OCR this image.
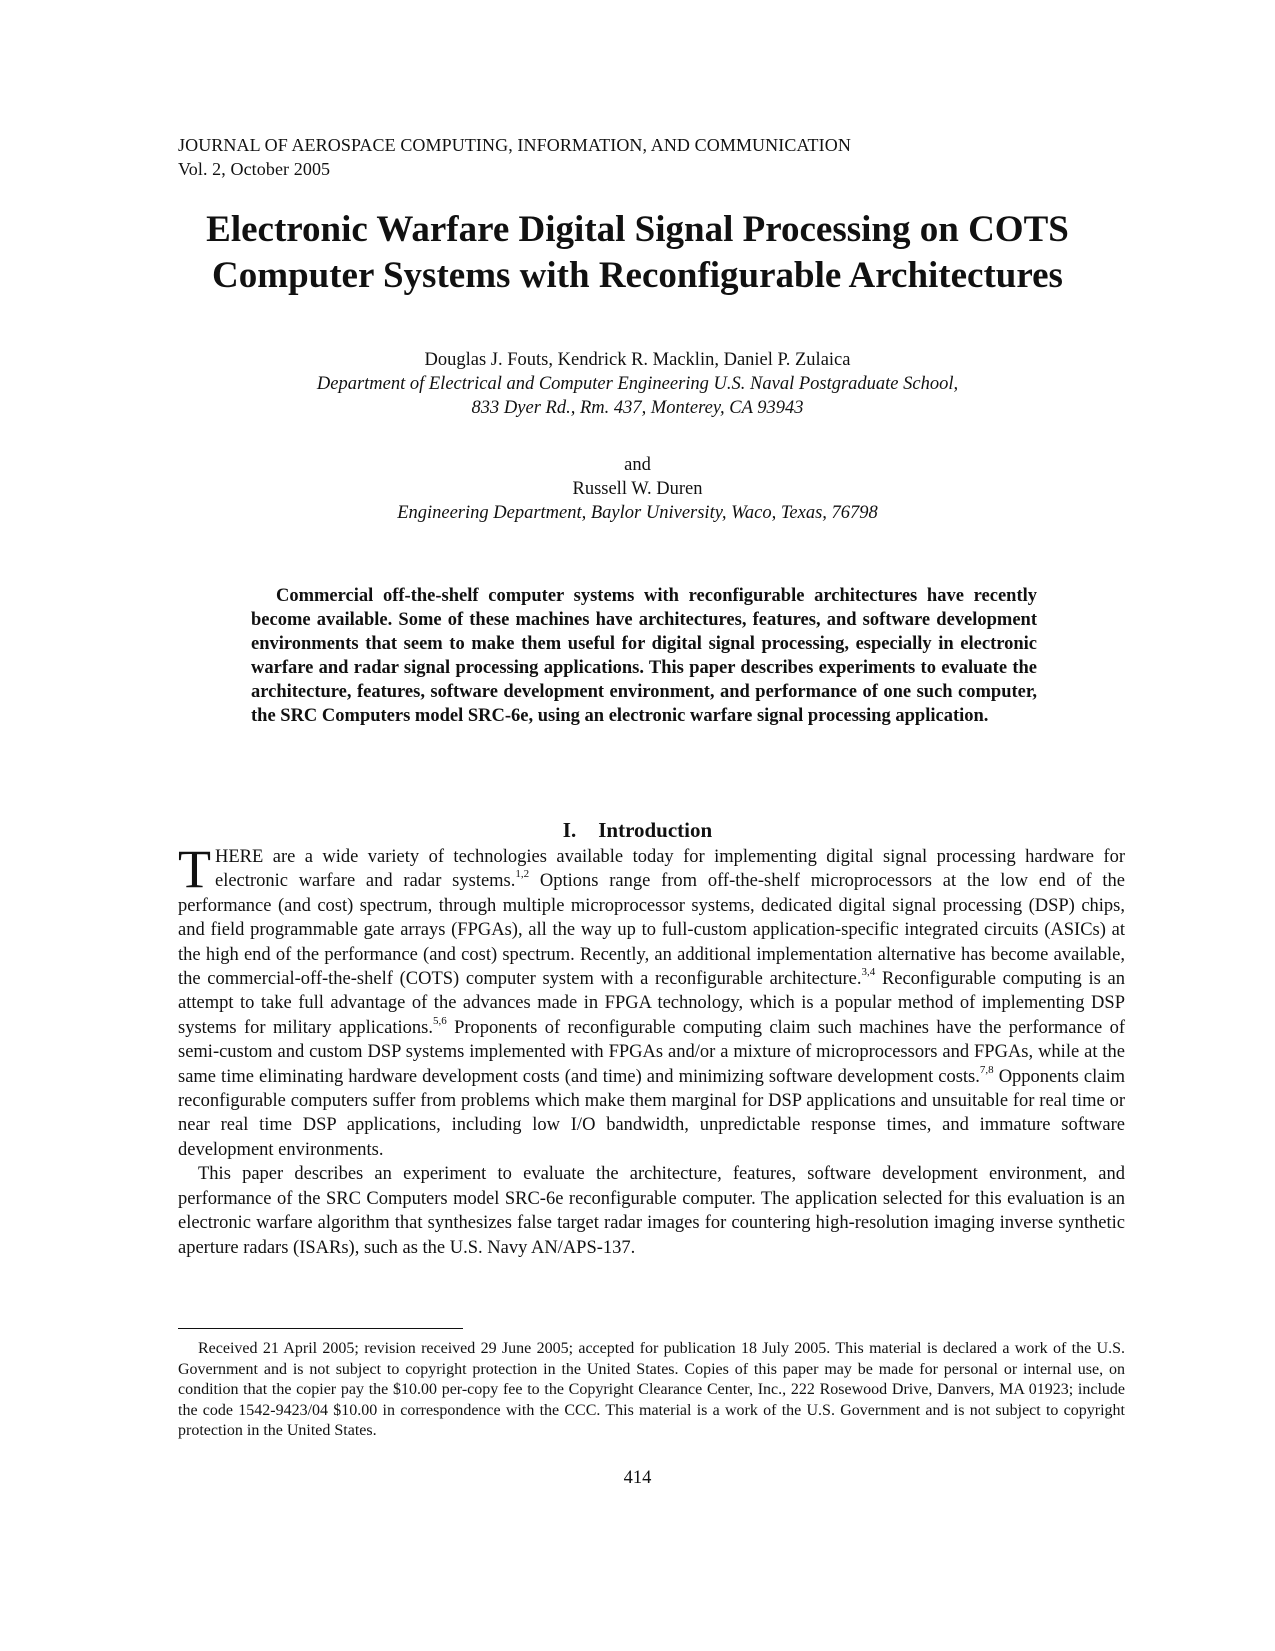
JOURNAL OF AEROSPACE COMPUTING, INFORMATION, AND COMMUNICATION
Vol. 2, October 2005
Electronic Warfare Digital Signal Processing on COTS
Computer Systems with Reconfigurable Architectures
Douglas J. Fouts, Kendrick R. Macklin, Daniel P. Zulaica
Department of Electrical and Computer Engineering U.S. Naval Postgraduate School,
833 Dyer Rd., Rm. 437, Monterey, CA 93943
and
Russell W. Duren
Engineering Department, Baylor University, Waco, Texas, 76798
Commercial off-the-shelf computer systems with reconfigurable architectures have recently become available. Some of these machines have architectures, features, and software development environments that seem to make them useful for digital signal processing, especially in electronic warfare and radar signal processing applications. This paper describes experiments to evaluate the architecture, features, software development environment, and performance of one such computer, the SRC Computers model SRC-6e, using an electronic warfare signal processing application.
I. Introduction

THERE are a wide variety of technologies available today for implementing digital signal processing hardware for electronic warfare and radar systems.$^{1,2}$ Options range from off-the-shelf microprocessors at the low end of the performance (and cost) spectrum, through multiple microprocessor systems, dedicated digital signal processing (DSP) chips, and field programmable gate arrays (FPGAs), all the way up to full-custom application-specific integrated circuits (ASICs) at the high end of the performance (and cost) spectrum. Recently, an additional implementation alternative has become available, the commercial-off-the-shelf (COTS) computer system with a reconfigurable architecture.$^{3,4}$ Reconfigurable computing is an attempt to take full advantage of the advances made in FPGA technology, which is a popular method of implementing DSP systems for military applications.$^{5,6}$ Proponents of reconfigurable computing claim such machines have the performance of semi-custom and custom DSP systems implemented with FPGAs and/or a mixture of microprocessors and FPGAs, while at the same time eliminating hardware development costs (and time) and minimizing software development costs.$^{7,8}$ Opponents claim reconfigurable computers suffer from problems which make them marginal for DSP applications and unsuitable for real time or near real time DSP applications, including low I/O bandwidth, unpredictable response times, and immature software development environments.

This paper describes an experiment to evaluate the architecture, features, software development environment, and performance of the SRC Computers model SRC-6e reconfigurable computer. The application selected for this evaluation is an electronic warfare algorithm that synthesizes false target radar images for countering high-resolution imaging inverse synthetic aperture radars (ISARs), such as the U.S. Navy AN/APS-137.

Received 21 April 2005; revision received 29 June 2005; accepted for publication 18 July 2005. This material is declared a work of the U.S. Government and is not subject to copyright protection in the United States. Copies of this paper may be made for personal or internal use, on condition that the copier pay the $10.00 per-copy fee to the Copyright Clearance Center, Inc., 222 Rosewood Drive, Danvers, MA 01923; include the code 1542-9423/04 $10.00 in correspondence with the CCC. This material is a work of the U.S. Government and is not subject to copyright protection in the United States.
414
